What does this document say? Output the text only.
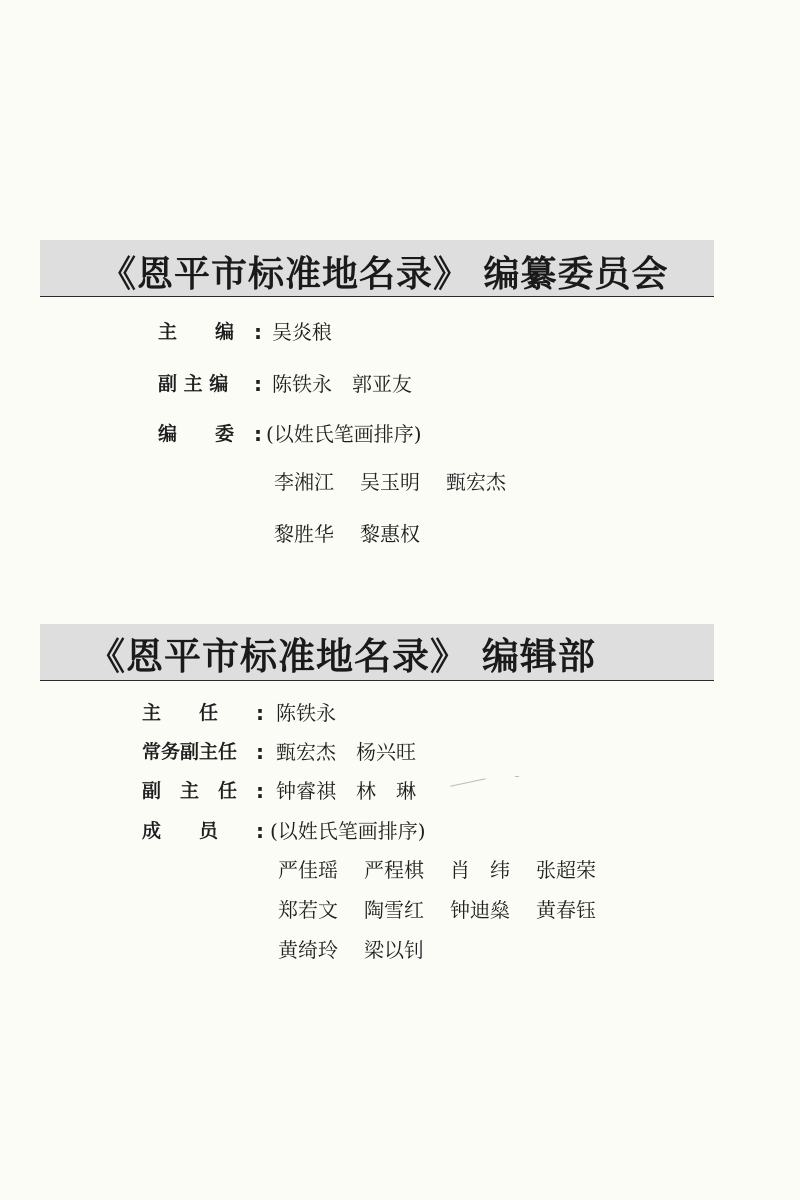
《恩平市标准地名录》 编纂委员会
主　　编 : 吴炎稂
副 主 编 : 陈铁永　郭亚友
编　　委 : (以姓氏笔画排序)
李湘江 吴玉明 甄宏杰
黎胜华 黎惠权
《恩平市标准地名录》 编辑部
主　　任 : 陈铁永
常务副主任 : 甄宏杰　杨兴旺
副　主　任 : 钟睿祺　林　琳
成　　员 : (以姓氏笔画排序)
严佳瑶 严程棋 肖　纬 张超荣
郑若文 陶雪红 钟迪燊 黄春钰
黄绮玲 梁以钊
